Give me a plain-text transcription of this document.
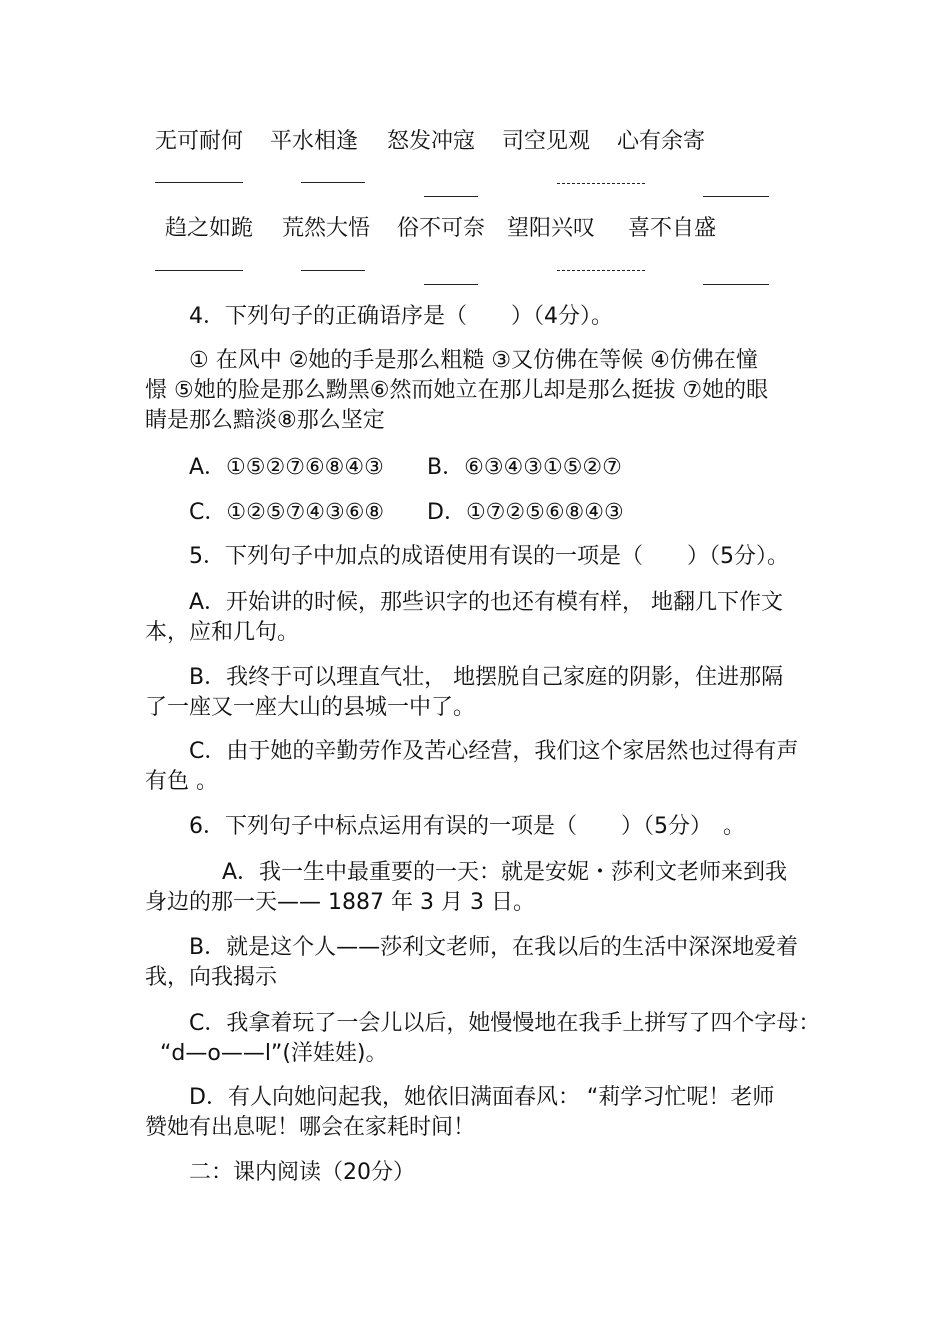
无可耐何 平水相逢 怒发冲寇 司空见观 心有余寄
趋之如跪 荒然大悟 俗不可奈 望阳兴叹 喜不自盛
4．下列句子的正确语序是（　　）（4分）。
① 在风中 ②她的手是那么粗糙 ③又仿佛在等候 ④仿佛在憧
憬 ⑤她的脸是那么黝黑⑥然而她立在那儿却是那么挺拔 ⑦她的眼
睛是那么黯淡⑧那么坚定
A．①⑤②⑦⑥⑧④③ B．⑥③④③①⑤②⑦
C．①②⑤⑦④③⑥⑧ D．①⑦②⑤⑥⑧④③
5．下列句子中加点的成语使用有误的一项是（　　）（5分）。
A．开始讲的时候，那些识字的也还有模有样， 地翻几下作文
本，应和几句。
B．我终于可以理直气壮， 地摆脱自己家庭的阴影，住进那隔
了一座又一座大山的县城一中了。
C．由于她的辛勤劳作及苦心经营，我们这个家居然也过得有声
有色 。
6．下列句子中标点运用有误的一项是（　　）（5分）　。
A．我一生中最重要的一天：就是安妮・莎利文老师来到我
身边的那一天—— 1887 年 3 月 3 日。
B．就是这个人——莎利文老师，在我以后的生活中深深地爱着
我，向我揭示
C．我拿着玩了一会儿以后，她慢慢地在我手上拼写了四个字母：
“d—o——l”(洋娃娃)。
D．有人向她问起我，她依旧满面春风： “莉学习忙呢！老师
赞她有出息呢！哪会在家耗时间！
二：课内阅读（20分）
